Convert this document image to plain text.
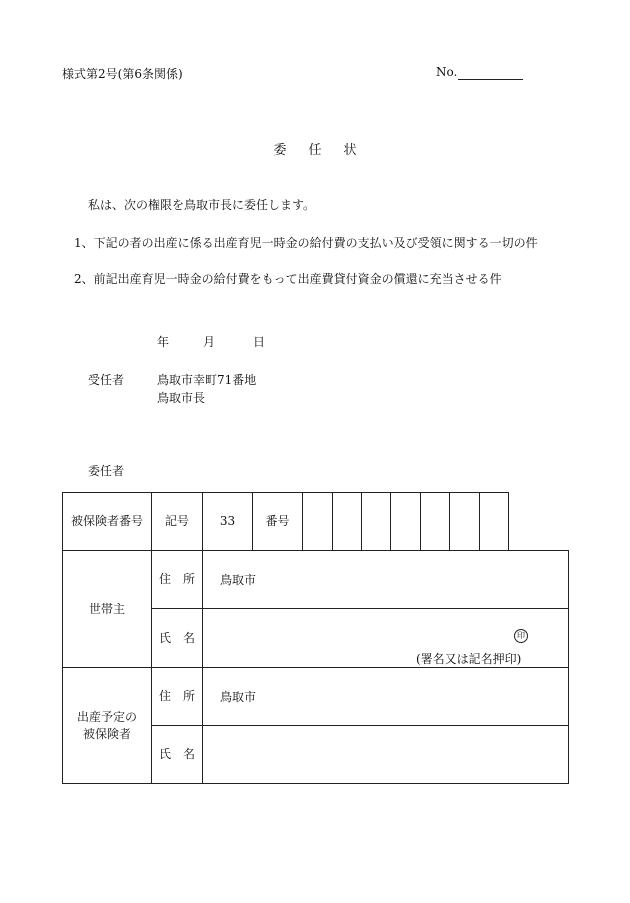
様式第2号(第6条関係)	No.
委任状
私は、次の権限を鳥取市長に委任します。
1、下記の者の出産に係る出産育児一時金の給付費の支払い及び受領に関する一切の件
2、前記出産育児一時金の給付費をもって出産費貸付資金の償還に充当させる件
年	月	日
受任者	鳥取市幸町71番地
鳥取市長
委任者
被保険者番号	記号	33	番号
世帯主
住　所	鳥取市
氏　名	印
(署名又は記名押印)
出産予定の被保険者
住　所	鳥取市
氏　名
